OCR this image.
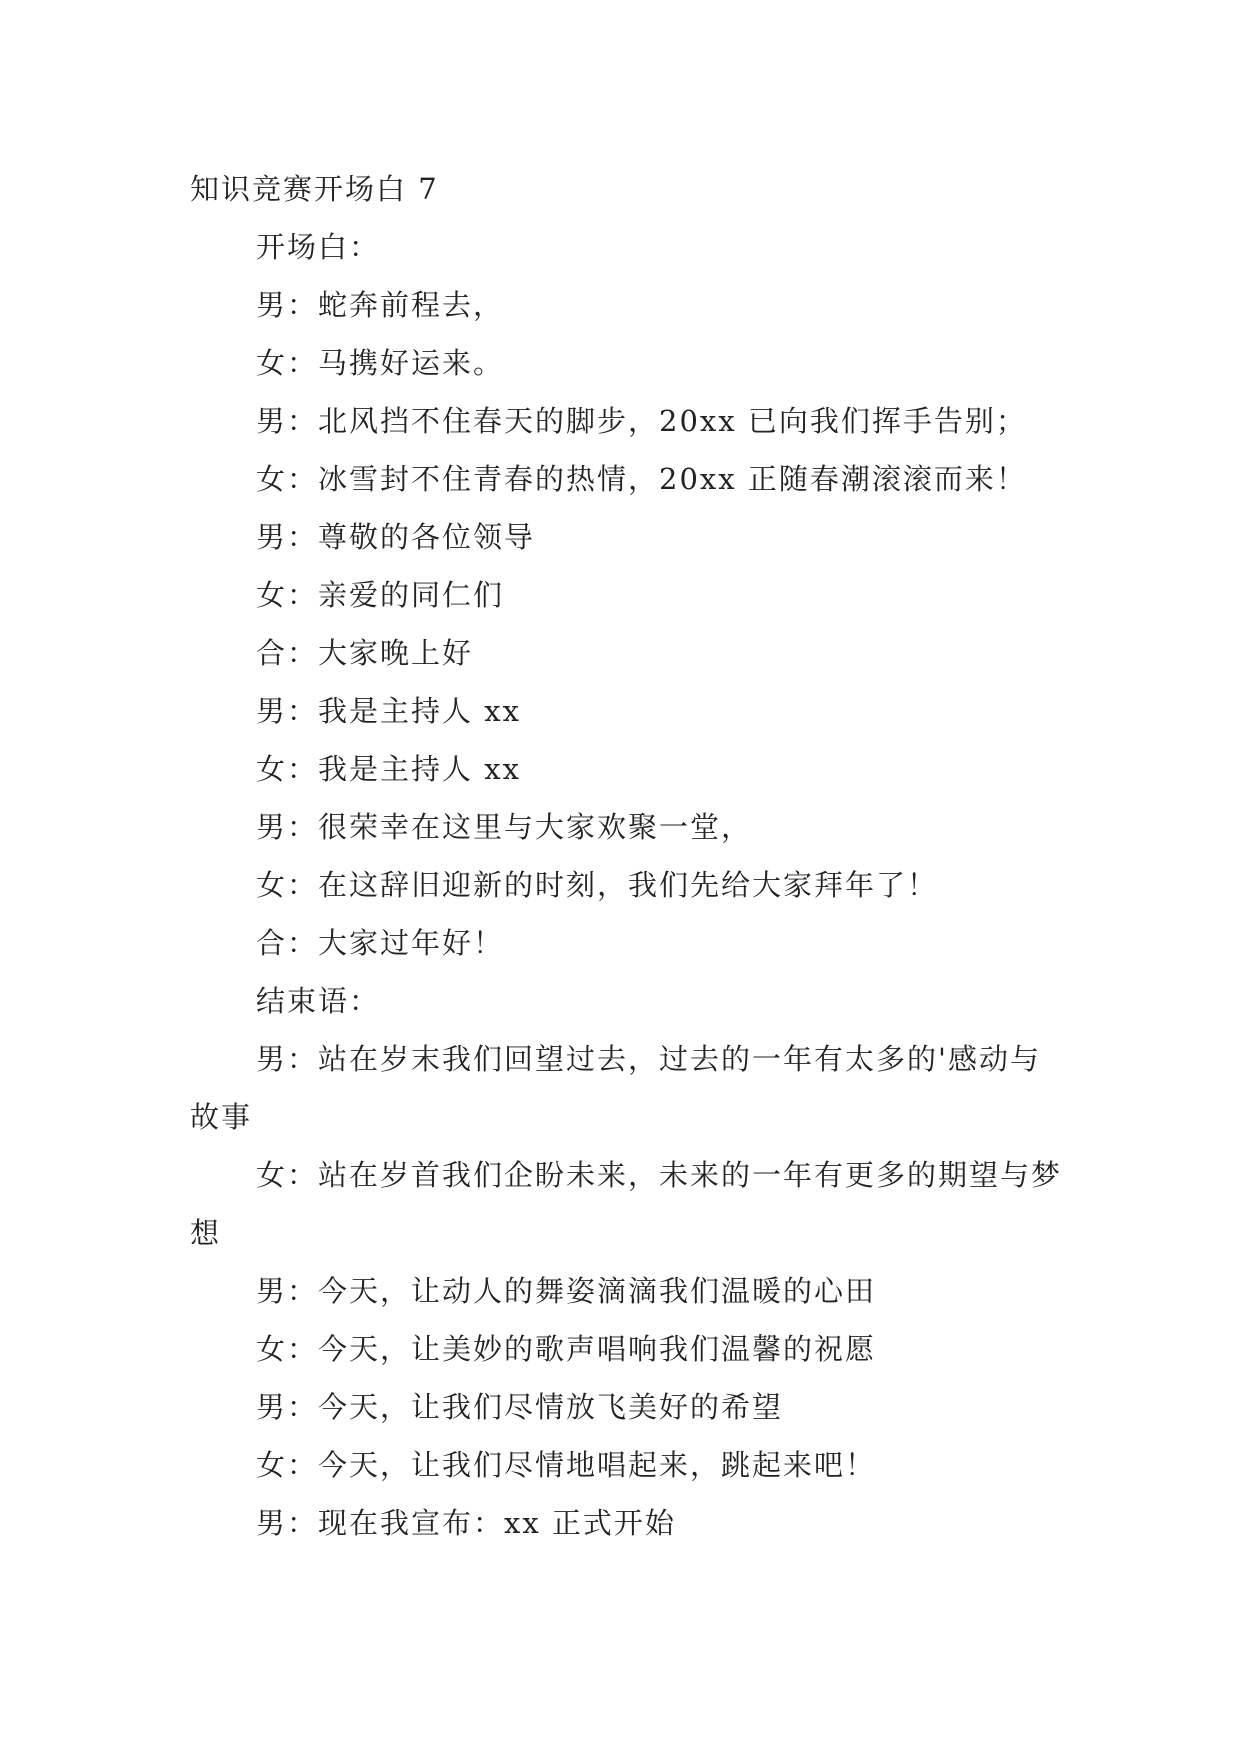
知识竞赛开场白 7

开场白：

男：蛇奔前程去，

女：马携好运来。

男：北风挡不住春天的脚步，20xx 已向我们挥手告别；

女：冰雪封不住青春的热情，20xx 正随春潮滚滚而来！

男：尊敬的各位领导

女：亲爱的同仁们

合：大家晚上好

男：我是主持人 xx

女：我是主持人 xx

男：很荣幸在这里与大家欢聚一堂，

女：在这辞旧迎新的时刻，我们先给大家拜年了！

合：大家过年好！

结束语：

男：站在岁末我们回望过去，过去的一年有太多的'感动与故事

女：站在岁首我们企盼未来，未来的一年有更多的期望与梦想

男：今天，让动人的舞姿滴滴我们温暖的心田

女：今天，让美妙的歌声唱响我们温馨的祝愿

男：今天，让我们尽情放飞美好的希望

女：今天，让我们尽情地唱起来，跳起来吧！

男：现在我宣布：xx 正式开始
